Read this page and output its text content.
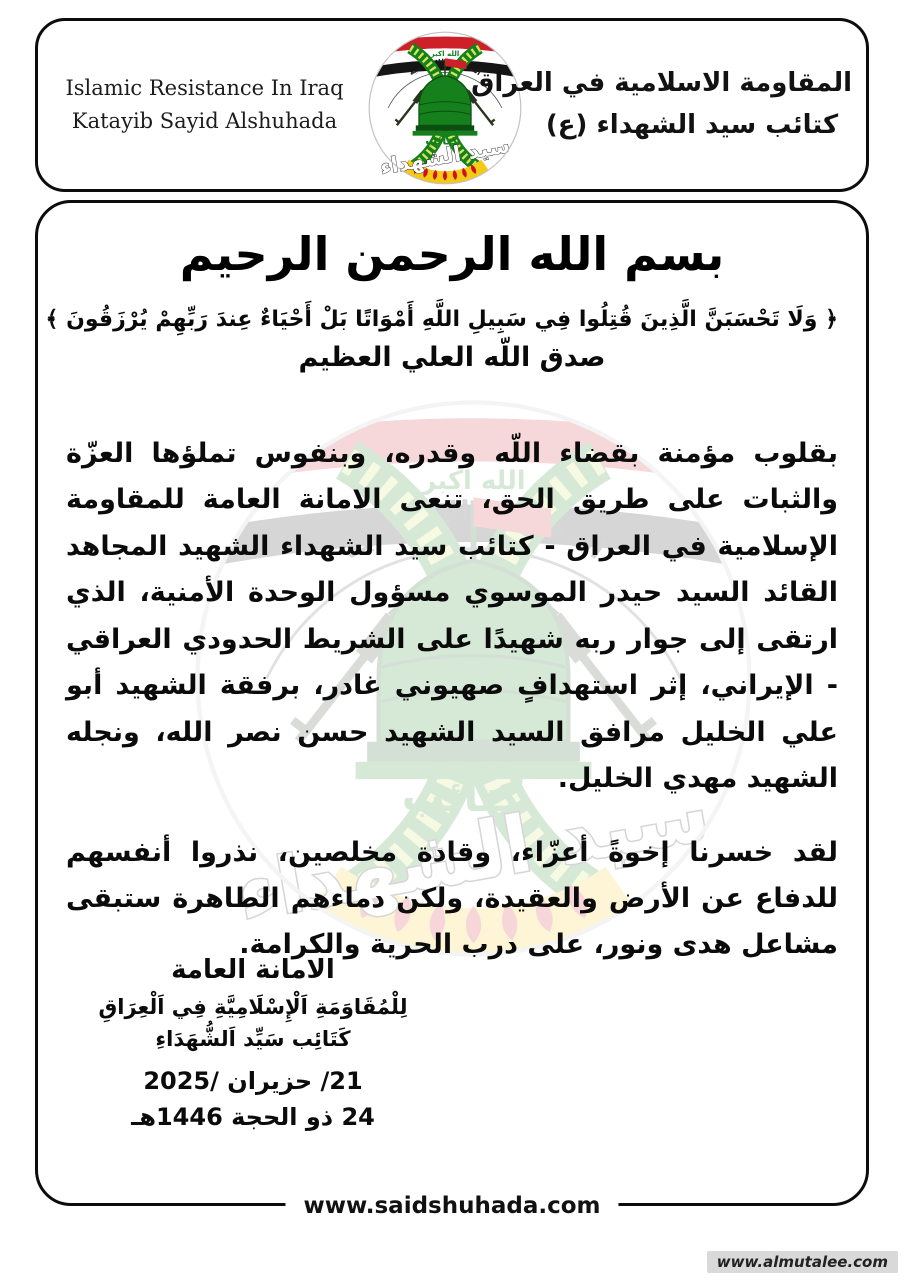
Islamic Resistance In Iraq
Katayib Sayid Alshuhada
المقاومة الاسلامية في العراق
كتائب سيد الشهداء (ع)
بسم الله الرحمن الرحيم
﴿ وَلَا تَحْسَبَنَّ الَّذِينَ قُتِلُوا فِي سَبِيلِ اللَّهِ أَمْوَاتًا بَلْ أَحْيَاءٌ عِندَ رَبِّهِمْ يُرْزَقُونَ ﴾
صدق اللّه العلي العظيم

بقلوب مؤمنة بقضاء اللّه وقدره، وبنفوس تملؤها العزّة والثبات على طريق الحق، تنعى الامانة العامة للمقاومة الإسلامية في العراق - كتائب سيد الشهداء الشهيد المجاهد القائد السيد حيدر الموسوي مسؤول الوحدة الأمنية، الذي ارتقى إلى جوار ربه شهيدًا على الشريط الحدودي العراقي - الإيراني، إثر استهدافٍ صهيوني غادر، برفقة الشهيد أبو علي الخليل مرافق السيد الشهيد حسن نصر الله، ونجله الشهيد مهدي الخليل.

لقد خسرنا إخوةً أعزّاء، وقادة مخلصين، نذروا أنفسهم للدفاع عن الأرض والعقيدة، ولكن دماءهم الطاهرة ستبقى مشاعل هدى ونور، على درب الحرية والكرامة.

الامانة العامة
لِلْمُقَاوَمَةِ اَلْإِسْلَامِيَّةِ فِي اَلْعِرَاقِ
كَتَائِب سَيِّد اَلشُّهَدَاءِ
21/ حزيران /2025
24 ذو الحجة 1446هـ
www.saidshuhada.com
www.almutalee.com
